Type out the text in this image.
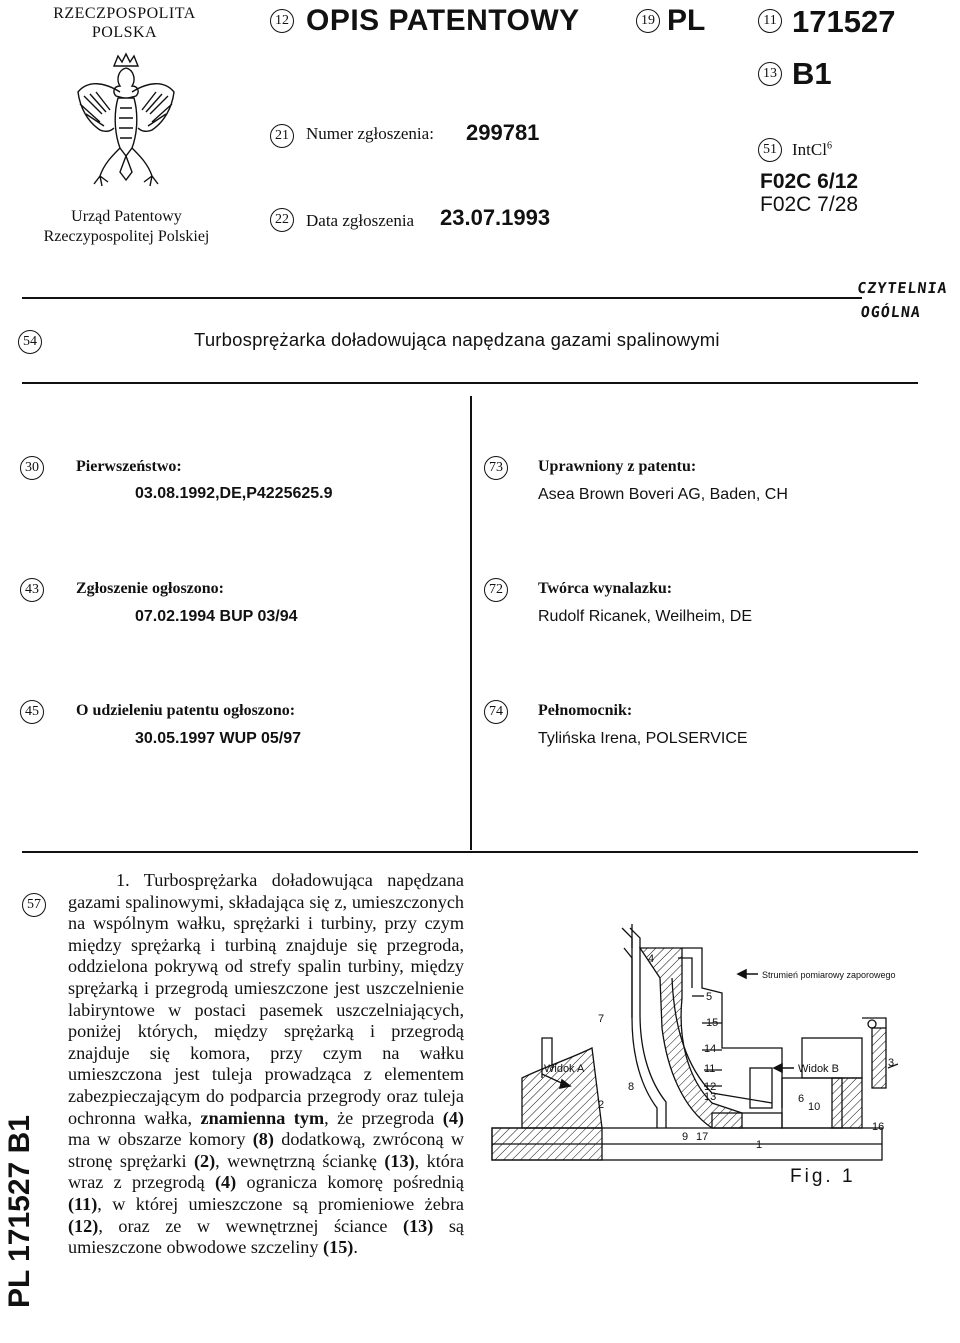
RZECZPOSPOLITA
POLSKA
Urząd Patentowy
Rzeczypospolitej Polskiej
12 OPIS PATENTOWY	19 PL	11 171527
13 B1
21 Numer zgłoszenia: 299781
22 Data zgłoszenia 23.07.1993
51 IntCl$^6$
F02C 6/12
F02C 7/28
CZYTELNIA
OGÓLNA
54	Turbosprężarka doładowująca napędzana gazami spalinowymi
30	Pierwszeństwo:
03.08.1992,DE,P4225625.9
43	Zgłoszenie ogłoszono:
07.02.1994 BUP 03/94
45	O udzieleniu patentu ogłoszono:
30.05.1997 WUP 05/97
73	Uprawniony z patentu:
Asea Brown Boveri AG, Baden, CH
72	Twórca wynalazku:
Rudolf Ricanek, Weilheim, DE
74	Pełnomocnik:
Tylińska Irena, POLSERVICE
57

1. Turbosprężarka doładowująca napędzana gazami spalinowymi, składająca się z, umieszczonych na wspólnym wałku, sprężarki i turbiny, przy czym między sprężarką i turbiną znajduje się przegroda, oddzielona pokrywą od strefy spalin turbiny, między sprężarką i przegrodą umieszczone jest uszczelnienie labiryntowe w postaci pasemek uszczelniających, poniżej których, między sprężarką i przegrodą znajduje się komora, przy czym na wałku umieszczona jest tuleja prowadząca z elementem zabezpieczającym do podparcia przegrody oraz tuleja ochronna wałka, znamienna tym, że przegroda (4) ma w obszarze komory (8) dodatkową, zwróconą w stronę sprężarki (2), wewnętrzną ściankę (13), która wraz z przegrodą (4) ogranicza komorę pośrednią (11), w której umieszczone są promieniowe żebra (12), oraz ze w wewnętrznej ściance (13) są umieszczone obwodowe szczeliny (15).

PL 171527 B1
Strumień pomiarowy zaporowego
Widok A	Widok B
4
5
7	15
14
11
12
13
8
2	6
10
3
16
9 17
1
Fig. 1
